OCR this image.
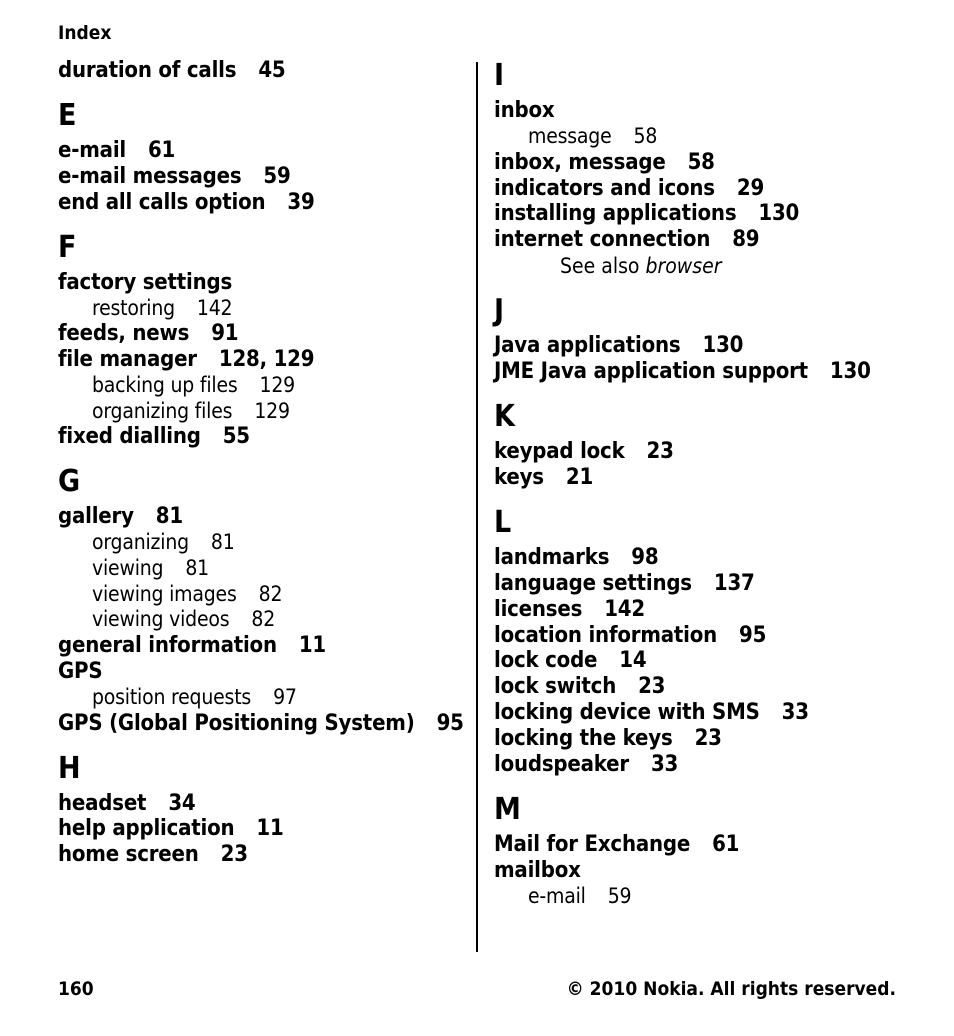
Index
duration of calls 45
E
e-mail 61
e-mail messages 59
end all calls option 39
F
factory settings
restoring 142
feeds, news 91
file manager 128, 129
backing up files 129
organizing files 129
fixed dialling 55
G
gallery 81
organizing 81
viewing 81
viewing images 82
viewing videos 82
general information 11
GPS
position requests 97
GPS (Global Positioning System) 95
H
headset 34
help application 11
home screen 23
I
inbox
message 58
inbox, message 58
indicators and icons 29
installing applications 130
internet connection 89
See also browser
J
Java applications 130
JME Java application support 130
K
keypad lock 23
keys 21
L
landmarks 98
language settings 137
licenses 142
location information 95
lock code 14
lock switch 23
locking device with SMS 33
locking the keys 23
loudspeaker 33
M
Mail for Exchange 61
mailbox
e-mail 59
160	© 2010 Nokia. All rights reserved.
